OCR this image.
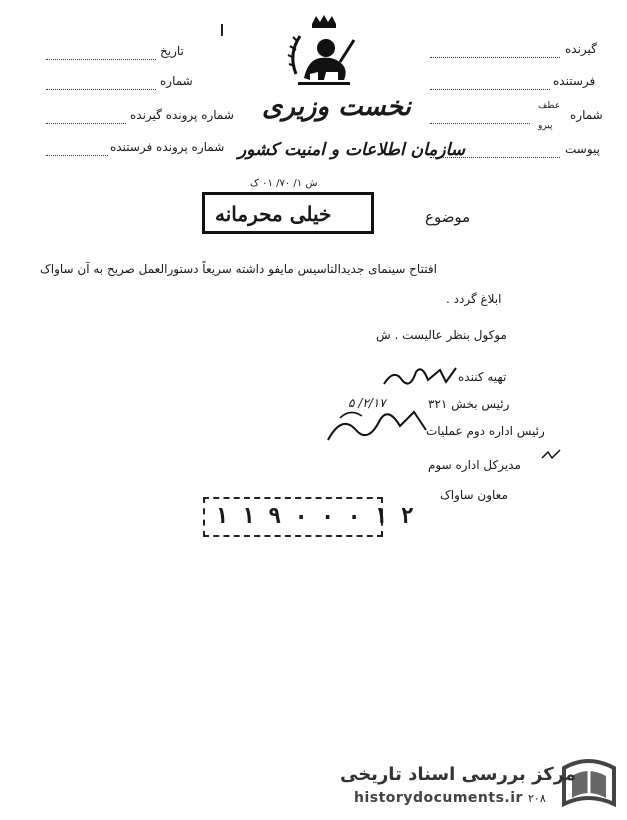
تاریخ
شماره
شماره پرونده گیرنده
شماره پرونده فرستنده
گیرنده
فرستنده
شماره
عطف
پیرو
پیوست
نخست وزیری
سازمان اطلاعات و امنیت کشور
ش ۱/ ۷۰/ ۰۱ ک
خیلی محرمانه	موضوع
افتتاح سینمای جدیدالتاسیس مایفو داشته سریعاً دستورالعمل صریح به آن ساواک
ابلاغ گردد .
موکول بنظر عالیست . ش
تهیه کننده
رئیس بخش ۳۲۱
رئیس اداره دوم عملیات
مدیرکل اداره سوم
معاون ساواک
۲/۱۷/ ۵
۲ ۱ ۰ ۰ ۰ ۹ ۱ ۱
مرکز بررسی اسناد تاریخی
historydocuments.ir ۲۰۸
